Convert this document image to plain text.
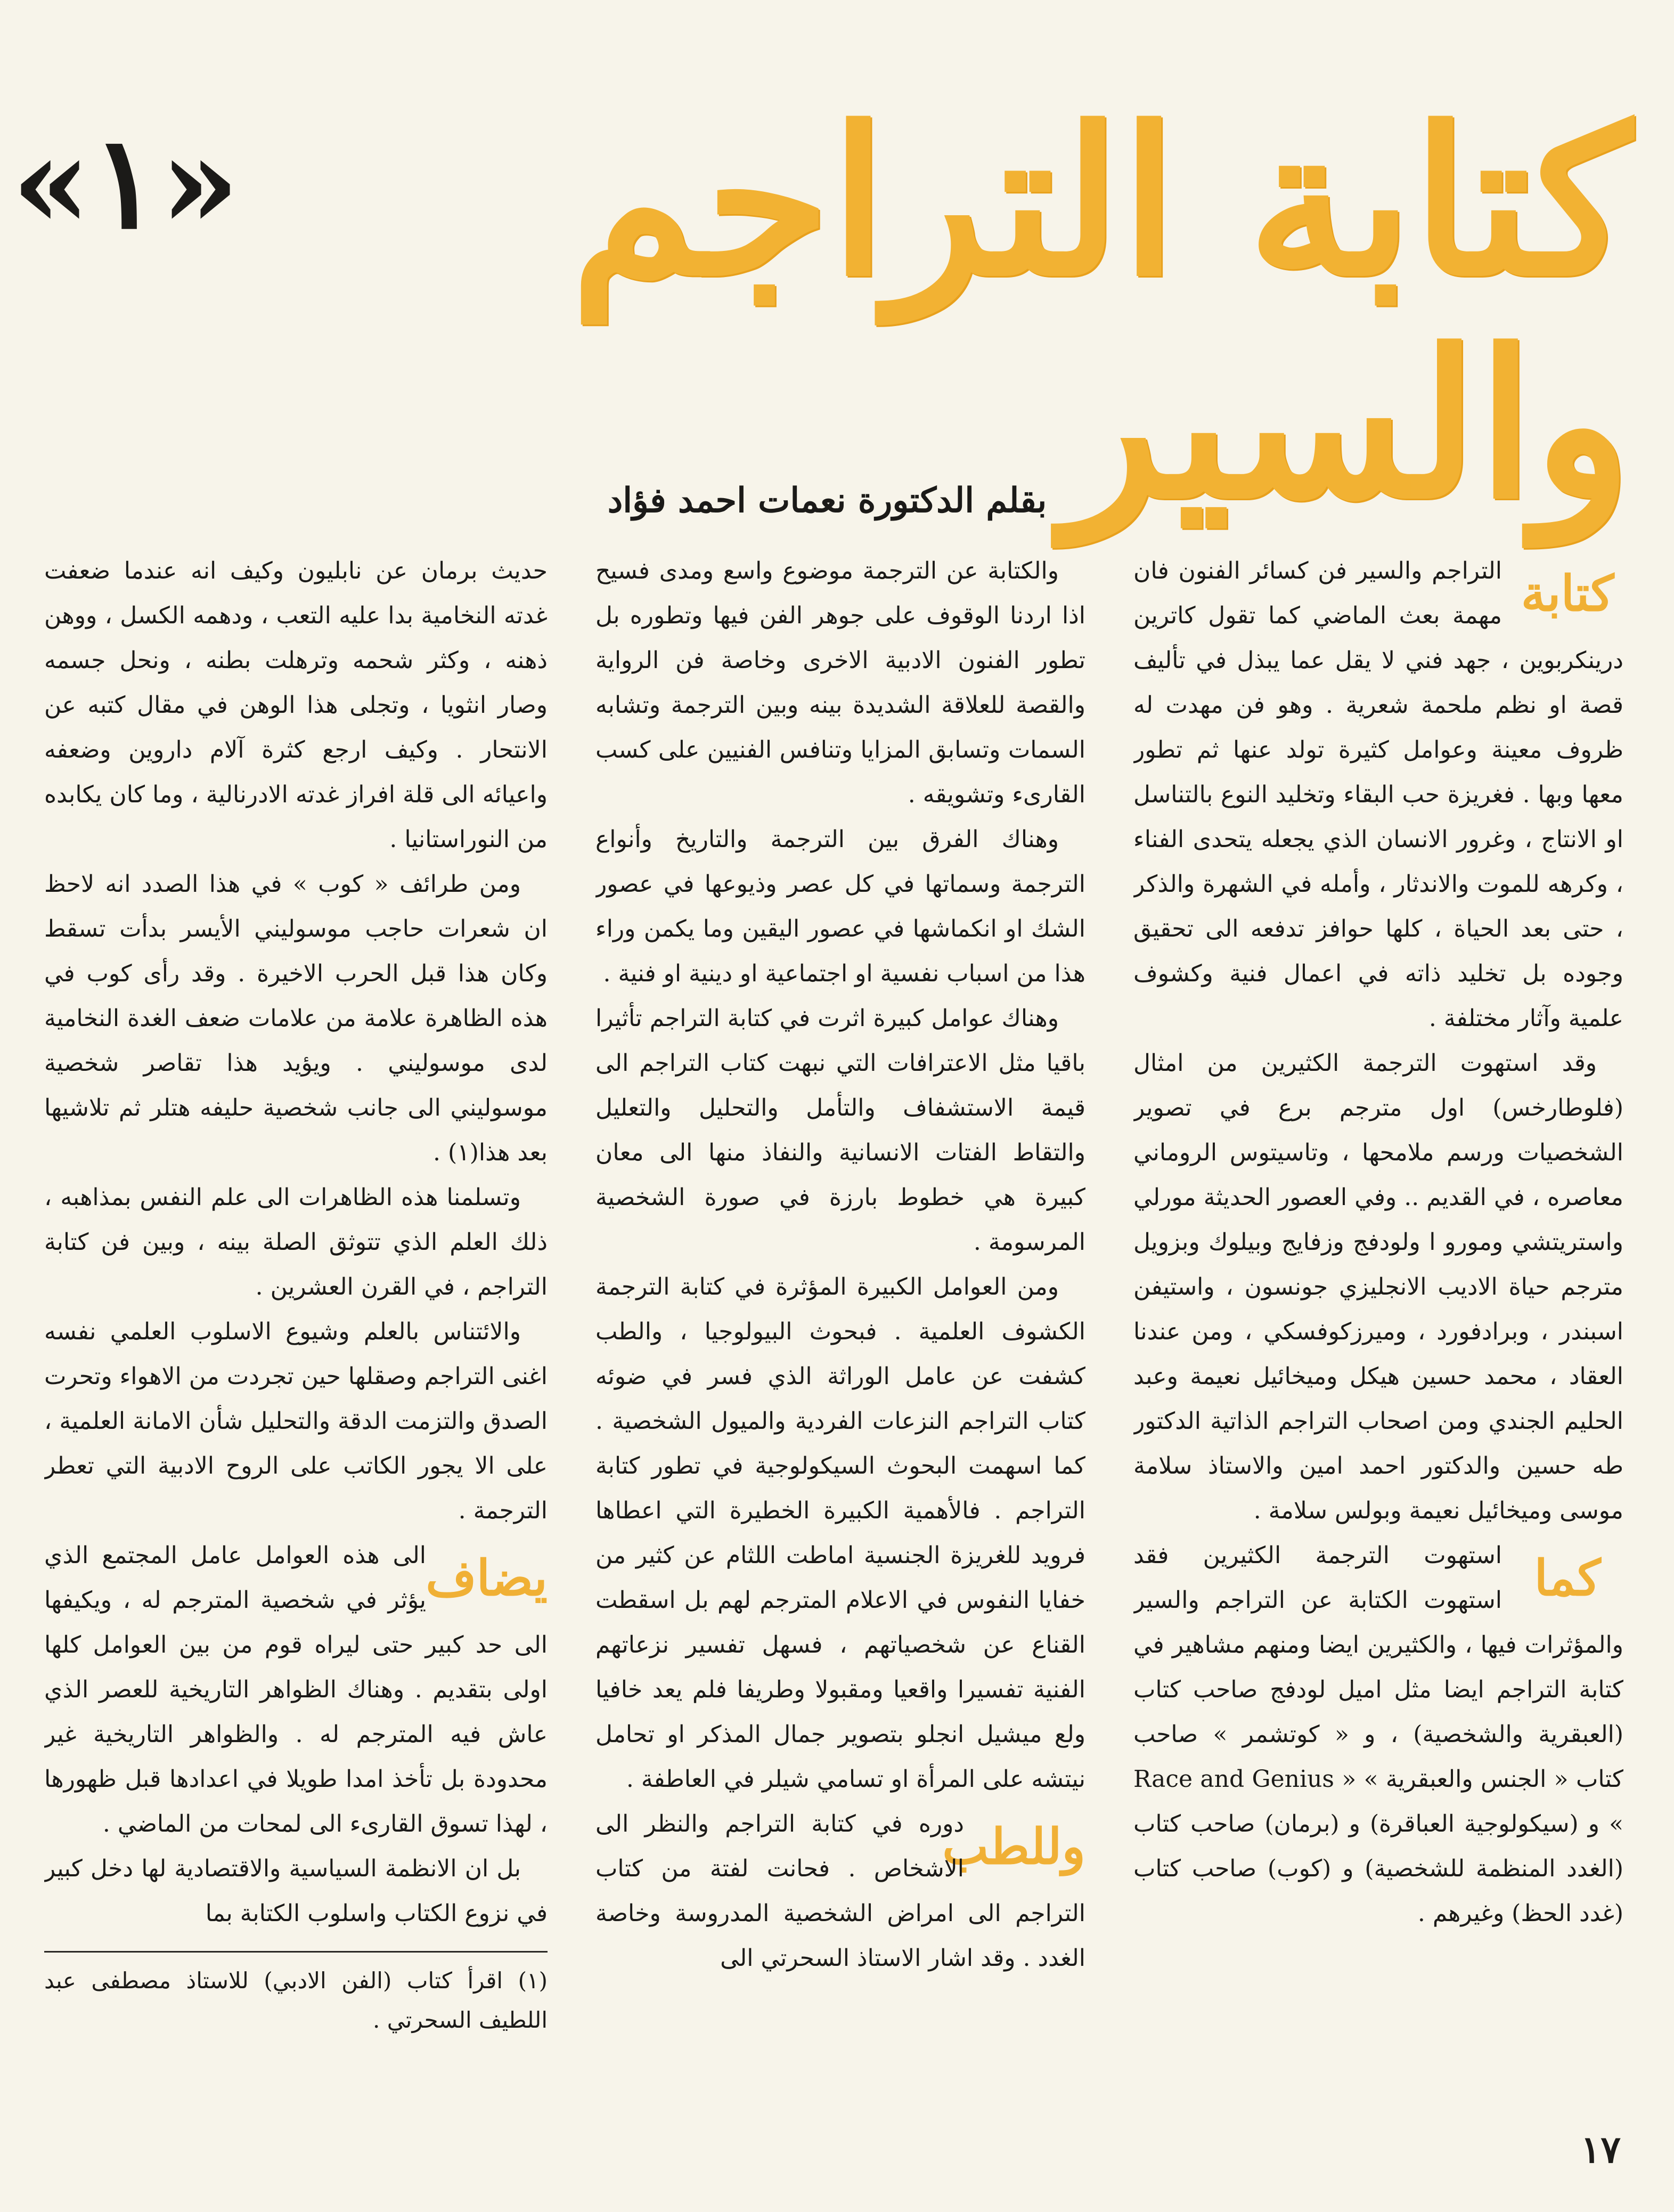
كتابة التراجم والسير
«١»
بقلم الدكتورة نعمات احمد فؤاد
كتابة

التراجم والسير فن كسائر الفنون فان مهمة بعث الماضي كما تقول كاترين درينكربوين ، جهد فني لا يقل عما يبذل في تأليف قصة او نظم ملحمة شعرية . وهو فن مهدت له ظروف معينة وعوامل كثيرة تولد عنها ثم تطور معها وبها . فغريزة حب البقاء وتخليد النوع بالتناسل او الانتاج ، وغرور الانسان الذي يجعله يتحدى الفناء ، وكرهه للموت والاندثار ، وأمله في الشهرة والذكر ، حتى بعد الحياة ، كلها حوافز تدفعه الى تحقيق وجوده بل تخليد ذاته في اعمال فنية وكشوف علمية وآثار مختلفة .

وقد استهوت الترجمة الكثيرين من امثال (فلوطارخس) اول مترجم برع في تصوير الشخصيات ورسم ملامحها ، وتاسيتوس الروماني معاصره ، في القديم .. وفي العصور الحديثة مورلي واستريتشي ومورو ا ولودفج وزفايج وبيلوك وبزويل مترجم حياة الاديب الانجليزي جونسون ، واستيفن اسبندر ، وبرادفورد ، وميرزكوفسكي ، ومن عندنا العقاد ، محمد حسين هيكل وميخائيل نعيمة وعبد الحليم الجندي ومن اصحاب التراجم الذاتية الدكتور طه حسين والدكتور احمد امين والاستاذ سلامة موسى وميخائيل نعيمة وبولس سلامة .

كما

استهوت الترجمة الكثيرين فقد استهوت الكتابة عن التراجم والسير والمؤثرات فيها ، والكثيرين ايضا ومنهم مشاهير في كتابة التراجم ايضا مثل اميل لودفج صاحب كتاب (العبقرية والشخصية) ، و « كوتشمر » صاحب كتاب « الجنس والعبقرية » « Race and Genius » و (سيكولوجية العباقرة) و (برمان) صاحب كتاب (الغدد المنظمة للشخصية) و (كوب) صاحب كتاب (غدد الحظ) وغيرهم .

والكتابة عن الترجمة موضوع واسع ومدى فسيح اذا اردنا الوقوف على جوهر الفن فيها وتطوره بل تطور الفنون الادبية الاخرى وخاصة فن الرواية والقصة للعلاقة الشديدة بينه وبين الترجمة وتشابه السمات وتسابق المزايا وتنافس الفنيين على كسب القارىء وتشويقه .

وهناك الفرق بين الترجمة والتاريخ وأنواع الترجمة وسماتها في كل عصر وذيوعها في عصور الشك او انكماشها في عصور اليقين وما يكمن وراء هذا من اسباب نفسية او اجتماعية او دينية او فنية .

وهناك عوامل كبيرة اثرت في كتابة التراجم تأثيرا باقيا مثل الاعترافات التي نبهت كتاب التراجم الى قيمة الاستشفاف والتأمل والتحليل والتعليل والتقاط الفتات الانسانية والنفاذ منها الى معان كبيرة هي خطوط بارزة في صورة الشخصية المرسومة .

ومن العوامل الكبيرة المؤثرة في كتابة الترجمة الكشوف العلمية . فبحوث البيولوجيا ، والطب كشفت عن عامل الوراثة الذي فسر في ضوئه كتاب التراجم النزعات الفردية والميول الشخصية . كما اسهمت البحوث السيكولوجية في تطور كتابة التراجم . فالأهمية الكبيرة الخطيرة التي اعطاها فرويد للغريزة الجنسية اماطت اللثام عن كثير من خفايا النفوس في الاعلام المترجم لهم بل اسقطت القناع عن شخصياتهم ، فسهل تفسير نزعاتهم الفنية تفسيرا واقعيا ومقبولا وطريفا فلم يعد خافيا ولع ميشيل انجلو بتصوير جمال المذكر او تحامل نيتشه على المرأة او تسامي شيلر في العاطفة .

وللطب

دوره في كتابة التراجم والنظر الى الاشخاص . فحانت لفتة من كتاب التراجم الى امراض الشخصية المدروسة وخاصة الغدد . وقد اشار الاستاذ السحرتي الى

حديث برمان عن نابليون وكيف انه عندما ضعفت غدته النخامية بدا عليه التعب ، ودهمه الكسل ، ووهن ذهنه ، وكثر شحمه وترهلت بطنه ، ونحل جسمه وصار انثويا ، وتجلى هذا الوهن في مقال كتبه عن الانتحار . وكيف ارجع كثرة آلام داروين وضعفه واعيائه الى قلة افراز غدته الادرنالية ، وما كان يكابده من النوراستانيا .

ومن طرائف « كوب » في هذا الصدد انه لاحظ ان شعرات حاجب موسوليني الأيسر بدأت تسقط وكان هذا قبل الحرب الاخيرة . وقد رأى كوب في هذه الظاهرة علامة من علامات ضعف الغدة النخامية لدى موسوليني . ويؤيد هذا تقاصر شخصية موسوليني الى جانب شخصية حليفه هتلر ثم تلاشيها بعد هذا(١) .

وتسلمنا هذه الظاهرات الى علم النفس بمذاهبه ، ذلك العلم الذي تتوثق الصلة بينه ، وبين فن كتابة التراجم ، في القرن العشرين .

والائتناس بالعلم وشيوع الاسلوب العلمي نفسه اغنى التراجم وصقلها حين تجردت من الاهواء وتحرت الصدق والتزمت الدقة والتحليل شأن الامانة العلمية ، على الا يجور الكاتب على الروح الادبية التي تعطر الترجمة .

يضاف

الى هذه العوامل عامل المجتمع الذي يؤثر في شخصية المترجم له ، ويكيفها الى حد كبير حتى ليراه قوم من بين العوامل كلها اولى بتقديم . وهناك الظواهر التاريخية للعصر الذي عاش فيه المترجم له . والظواهر التاريخية غير محدودة بل تأخذ امدا طويلا في اعدادها قبل ظهورها ، لهذا تسوق القارىء الى لمحات من الماضي .

بل ان الانظمة السياسية والاقتصادية لها دخل كبير في نزوع الكتاب واسلوب الكتابة بما

(١) اقرأ كتاب (الفن الادبي) للاستاذ مصطفى عبد اللطيف السحرتي .

١٧
